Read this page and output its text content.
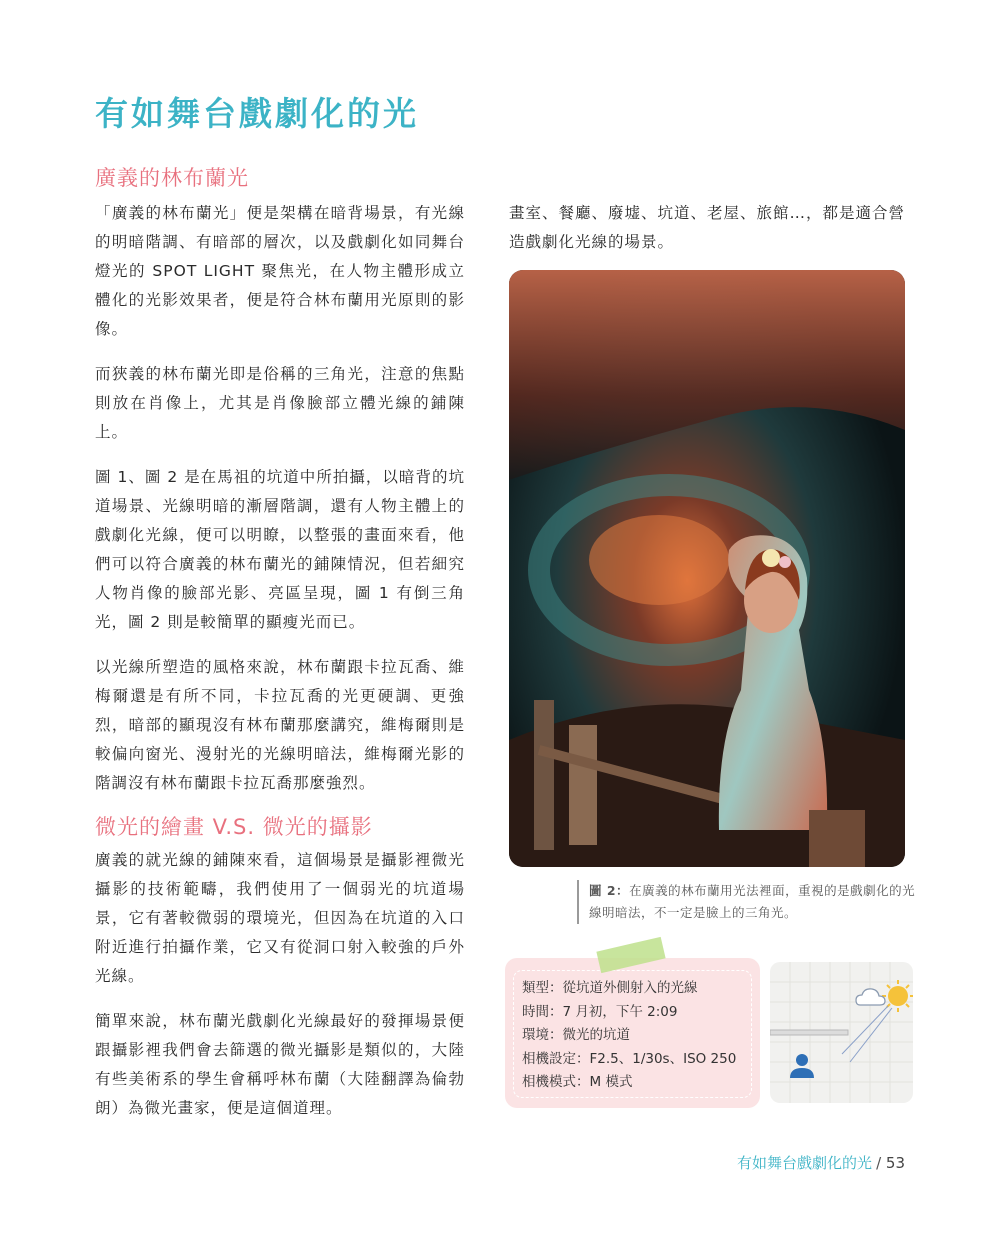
有如舞台戲劇化的光
廣義的林布蘭光

「廣義的林布蘭光」便是架構在暗背場景，有光線的明暗階調、有暗部的層次，以及戲劇化如同舞台燈光的 SPOT LIGHT 聚焦光，在人物主體形成立體化的光影效果者，便是符合林布蘭用光原則的影像。

而狹義的林布蘭光即是俗稱的三角光，注意的焦點則放在肖像上，尤其是肖像臉部立體光線的鋪陳上。

圖 1、圖 2 是在馬祖的坑道中所拍攝，以暗背的坑道場景、光線明暗的漸層階調，還有人物主體上的戲劇化光線，便可以明瞭，以整張的畫面來看，他們可以符合廣義的林布蘭光的鋪陳情況，但若細究人物肖像的臉部光影、亮區呈現，圖 1 有倒三角光，圖 2 則是較簡單的顯瘦光而已。

以光線所塑造的風格來說，林布蘭跟卡拉瓦喬、維梅爾還是有所不同，卡拉瓦喬的光更硬調、更強烈，暗部的顯現沒有林布蘭那麼講究，維梅爾則是較偏向窗光、漫射光的光線明暗法，維梅爾光影的階調沒有林布蘭跟卡拉瓦喬那麼強烈。

微光的繪畫 V.S. 微光的攝影

廣義的就光線的鋪陳來看，這個場景是攝影裡微光攝影的技術範疇，我們使用了一個弱光的坑道場景，它有著較微弱的環境光，但因為在坑道的入口附近進行拍攝作業，它又有從洞口射入較強的戶外光線。

簡單來說，林布蘭光戲劇化光線最好的發揮場景便跟攝影裡我們會去篩選的微光攝影是類似的，大陸有些美術系的學生會稱呼林布蘭（大陸翻譯為倫勃朗）為微光畫家，便是這個道理。

畫室、餐廳、廢墟、坑道、老屋、旅館…，都是適合營造戲劇化光線的場景。

圖 2：在廣義的林布蘭用光法裡面，重視的是戲劇化的光線明暗法，不一定是臉上的三角光。
類型：從坑道外側射入的光線
時間：7 月初，下午 2:09
環境：微光的坑道
相機設定：F2.5、1/30s、ISO 250
相機模式：M 模式
有如舞台戲劇化的光 / 53
